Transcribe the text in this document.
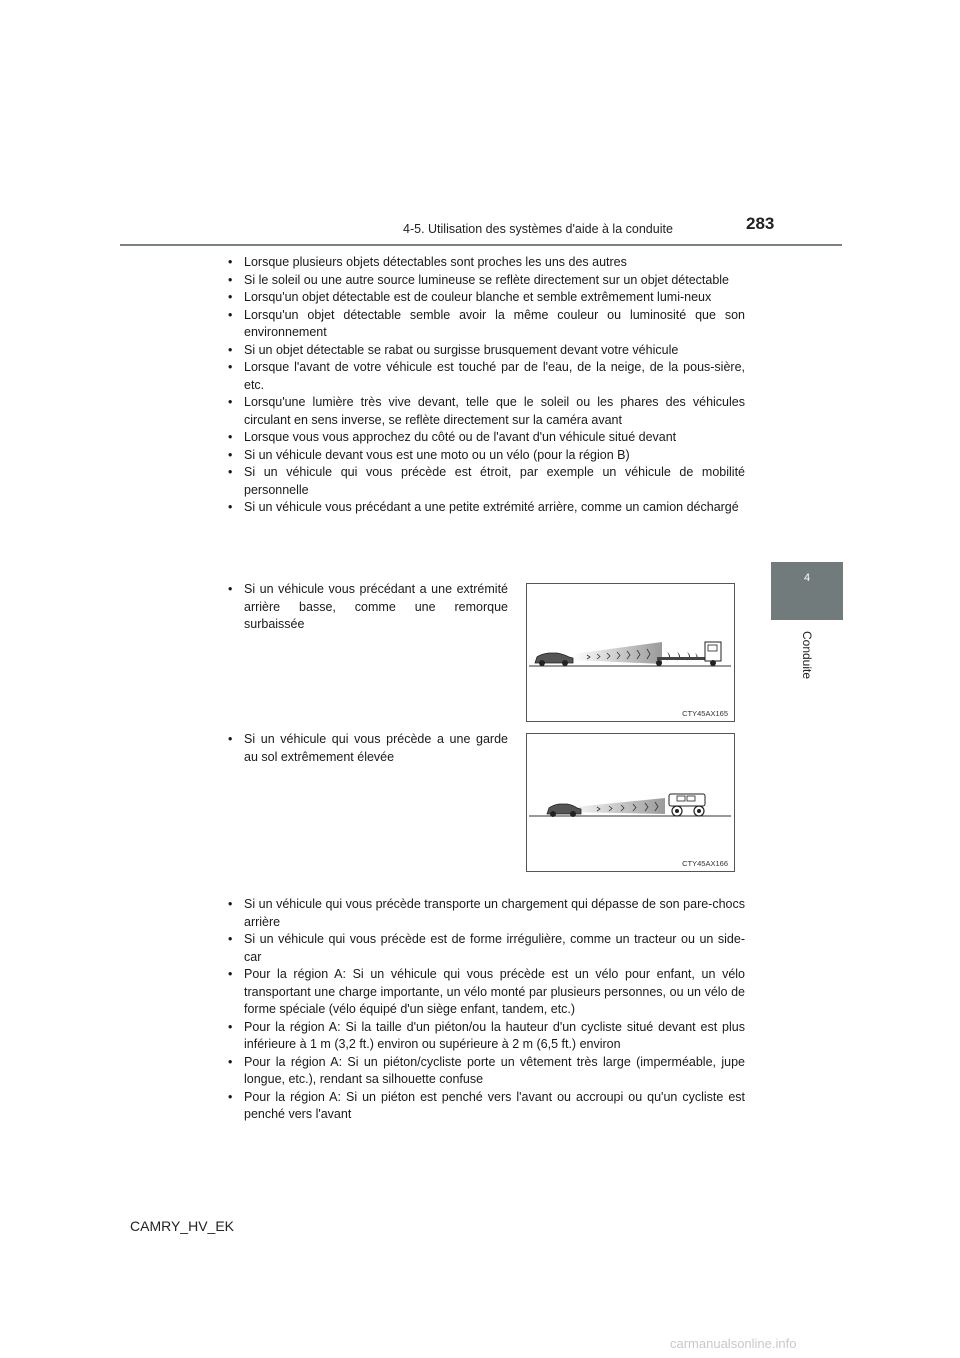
4-5. Utilisation des systèmes d'aide à la conduite	283
4
Conduite
• Lorsque plusieurs objets détectables sont proches les uns des autres
• Si le soleil ou une autre source lumineuse se reflète directement sur un objet détectable
• Lorsqu'un objet détectable est de couleur blanche et semble extrêmement lumi-neux
• Lorsqu'un objet détectable semble avoir la même couleur ou luminosité que son environnement
• Si un objet détectable se rabat ou surgisse brusquement devant votre véhicule
• Lorsque l'avant de votre véhicule est touché par de l'eau, de la neige, de la pous-sière, etc.
• Lorsqu'une lumière très vive devant, telle que le soleil ou les phares des véhicules circulant en sens inverse, se reflète directement sur la caméra avant
• Lorsque vous vous approchez du côté ou de l'avant d'un véhicule situé devant
• Si un véhicule devant vous est une moto ou un vélo (pour la région B)
• Si un véhicule qui vous précède est étroit, par exemple un véhicule de mobilité personnelle
• Si un véhicule vous précédant a une petite extrémité arrière, comme un camion déchargé
• Si un véhicule vous précédant a une extrémité arrière basse, comme une remorque surbaissée
CTY45AX165
• Si un véhicule qui vous précède a une garde au sol extrêmement élevée
CTY45AX166
• Si un véhicule qui vous précède transporte un chargement qui dépasse de son pare-chocs arrière
• Si un véhicule qui vous précède est de forme irrégulière, comme un tracteur ou un side-car
• Pour la région A: Si un véhicule qui vous précède est un vélo pour enfant, un vélo transportant une charge importante, un vélo monté par plusieurs personnes, ou un vélo de forme spéciale (vélo équipé d'un siège enfant, tandem, etc.)
• Pour la région A: Si la taille d'un piéton/ou la hauteur d'un cycliste situé devant est plus inférieure à 1 m (3,2 ft.) environ ou supérieure à 2 m (6,5 ft.) environ
• Pour la région A: Si un piéton/cycliste porte un vêtement très large (imperméable, jupe longue, etc.), rendant sa silhouette confuse
• Pour la région A: Si un piéton est penché vers l'avant ou accroupi ou qu'un cycliste est penché vers l'avant
CAMRY_HV_EK
carmanualsonline.info
